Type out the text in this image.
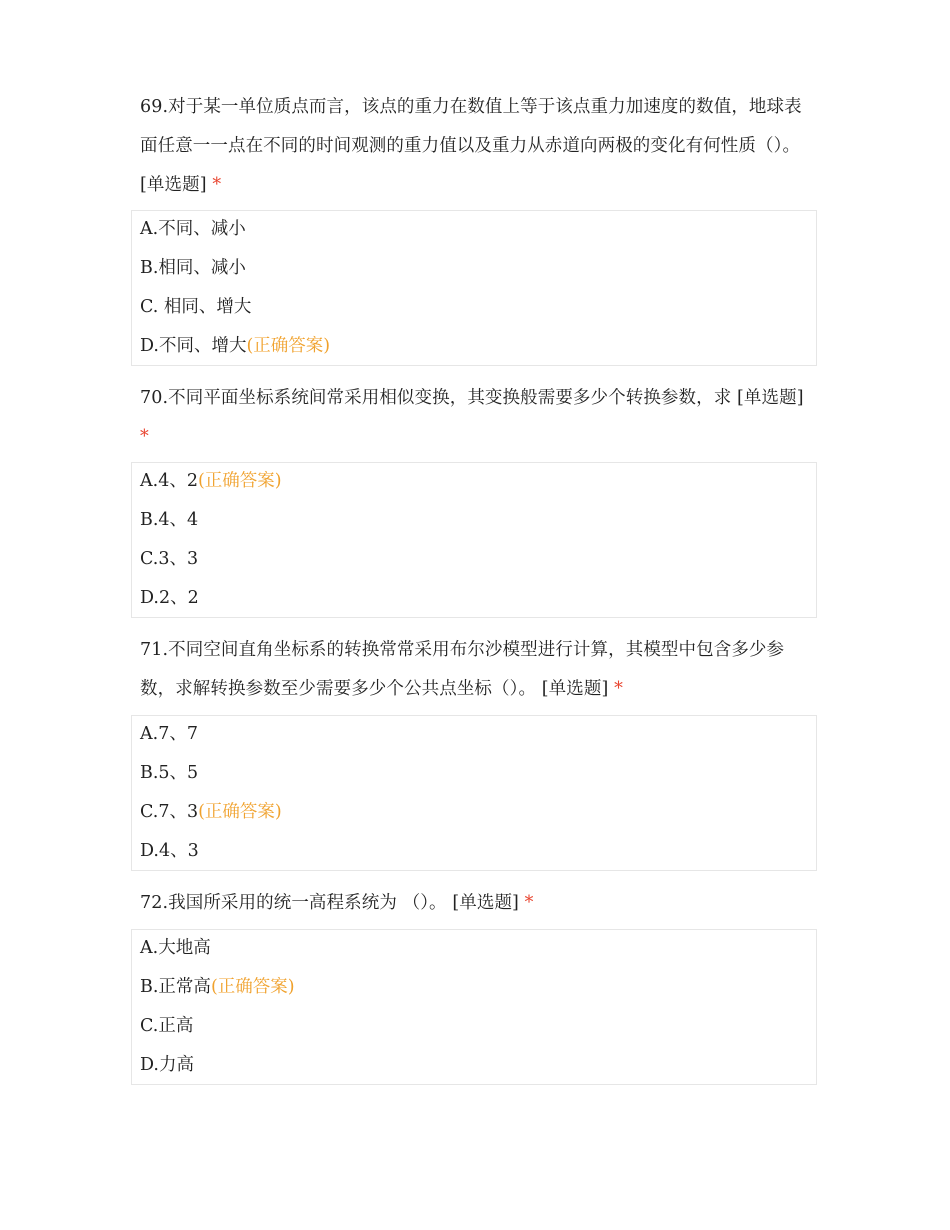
69.对于某一单位质点而言，该点的重力在数值上等于该点重力加速度的数值，地球表面任意一一点在不同的时间观测的重力值以及重力从赤道向两极的变化有何性质（）。 [单选题] *
A.不同、减小
B.相同、减小
C. 相同、增大
D.不同、增大(正确答案)
70.不同平面坐标系统间常采用相似变换，其变换般需要多少个转换参数，求 [单选题] *
A.4、2(正确答案)
B.4、4
C.3、3
D.2、2
71.不同空间直角坐标系的转换常常采用布尔沙模型进行计算，其模型中包含多少参数，求解转换参数至少需要多少个公共点坐标（）。 [单选题] *
A.7、7
B.5、5
C.7、3(正确答案)
D.4、3
72.我国所采用的统一高程系统为 （）。 [单选题] *
A.大地高
B.正常高(正确答案)
C.正高
D.力高
